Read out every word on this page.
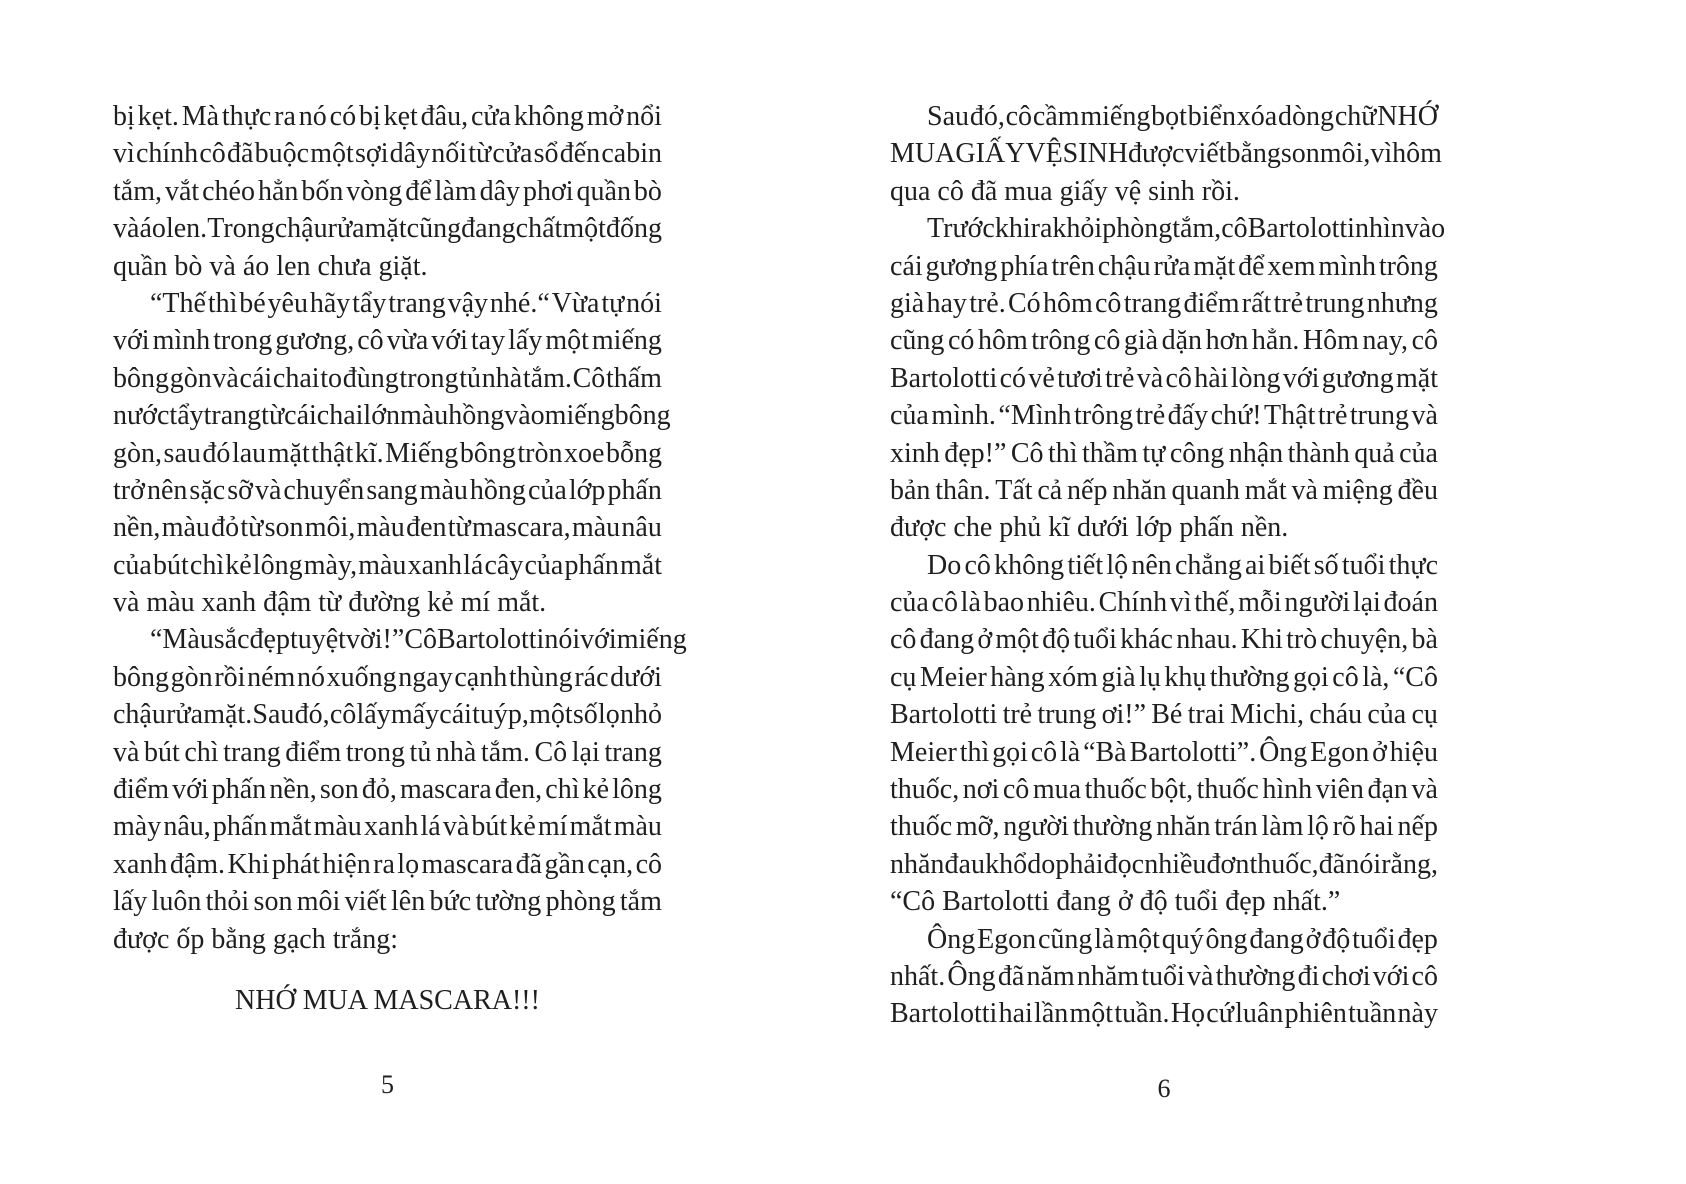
bị kẹt. Mà thực ra nó có bị kẹt đâu, cửa không mở nổi
vì chính cô đã buộc một sợi dây nối từ cửa sổ đến cabin
tắm, vắt chéo hẳn bốn vòng để làm dây phơi quần bò
và áo len. Trong chậu rửa mặt cũng đang chất một đống
quần bò và áo len chưa giặt.
“Thế thì bé yêu hãy tẩy trang vậy nhé.“ Vừa tự nói
với mình trong gương, cô vừa với tay lấy một miếng
bông gòn và cái chai to đùng trong tủ nhà tắm. Cô thấm
nước tẩy trang từ cái chai lớn màu hồng vào miếng bông
gòn, sau đó lau mặt thật kĩ. Miếng bông tròn xoe bỗng
trở nên sặc sỡ và chuyển sang màu hồng của lớp phấn
nền, màu đỏ từ son môi, màu đen từ mascara, màu nâu
của bút chì kẻ lông mày, màu xanh lá cây của phấn mắt
và màu xanh đậm từ đường kẻ mí mắt.
“Màu sắc đẹp tuyệt vời!” Cô Bartolotti nói với miếng
bông gòn rồi ném nó xuống ngay cạnh thùng rác dưới
chậu rửa mặt. Sau đó, cô lấy mấy cái tuýp, một số lọ nhỏ
và bút chì trang điểm trong tủ nhà tắm. Cô lại trang
điểm với phấn nền, son đỏ, mascara đen, chì kẻ lông
mày nâu, phấn mắt màu xanh lá và bút kẻ mí mắt màu
xanh đậm. Khi phát hiện ra lọ mascara đã gần cạn, cô
lấy luôn thỏi son môi viết lên bức tường phòng tắm
được ốp bằng gạch trắng:
NHỚ MUA MASCARA!!!
Sau đó, cô cầm miếng bọt biển xóa dòng chữ NHỚ
MUA GIẤY VỆ SINH được viết bằng son môi, vì hôm
qua cô đã mua giấy vệ sinh rồi.
Trước khi ra khỏi phòng tắm, cô Bartolotti nhìn vào
cái gương phía trên chậu rửa mặt để xem mình trông
già hay trẻ. Có hôm cô trang điểm rất trẻ trung nhưng
cũng có hôm trông cô già dặn hơn hẳn. Hôm nay, cô
Bartolotti có vẻ tươi trẻ và cô hài lòng với gương mặt
của mình. “Mình trông trẻ đấy chứ! Thật trẻ trung và
xinh đẹp!” Cô thì thầm tự công nhận thành quả của
bản thân. Tất cả nếp nhăn quanh mắt và miệng đều
được che phủ kĩ dưới lớp phấn nền.
Do cô không tiết lộ nên chẳng ai biết số tuổi thực
của cô là bao nhiêu. Chính vì thế, mỗi người lại đoán
cô đang ở một độ tuổi khác nhau. Khi trò chuyện, bà
cụ Meier hàng xóm già lụ khụ thường gọi cô là, “Cô
Bartolotti trẻ trung ơi!” Bé trai Michi, cháu của cụ
Meier thì gọi cô là “Bà Bartolotti”. Ông Egon ở hiệu
thuốc, nơi cô mua thuốc bột, thuốc hình viên đạn và
thuốc mỡ, người thường nhăn trán làm lộ rõ hai nếp
nhăn đau khổ do phải đọc nhiều đơn thuốc, đã nói rằng,
“Cô Bartolotti đang ở độ tuổi đẹp nhất.”
Ông Egon cũng là một quý ông đang ở độ tuổi đẹp
nhất. Ông đã năm nhăm tuổi và thường đi chơi với cô
Bartolotti hai lần một tuần. Họ cứ luân phiên tuần này
5	6
